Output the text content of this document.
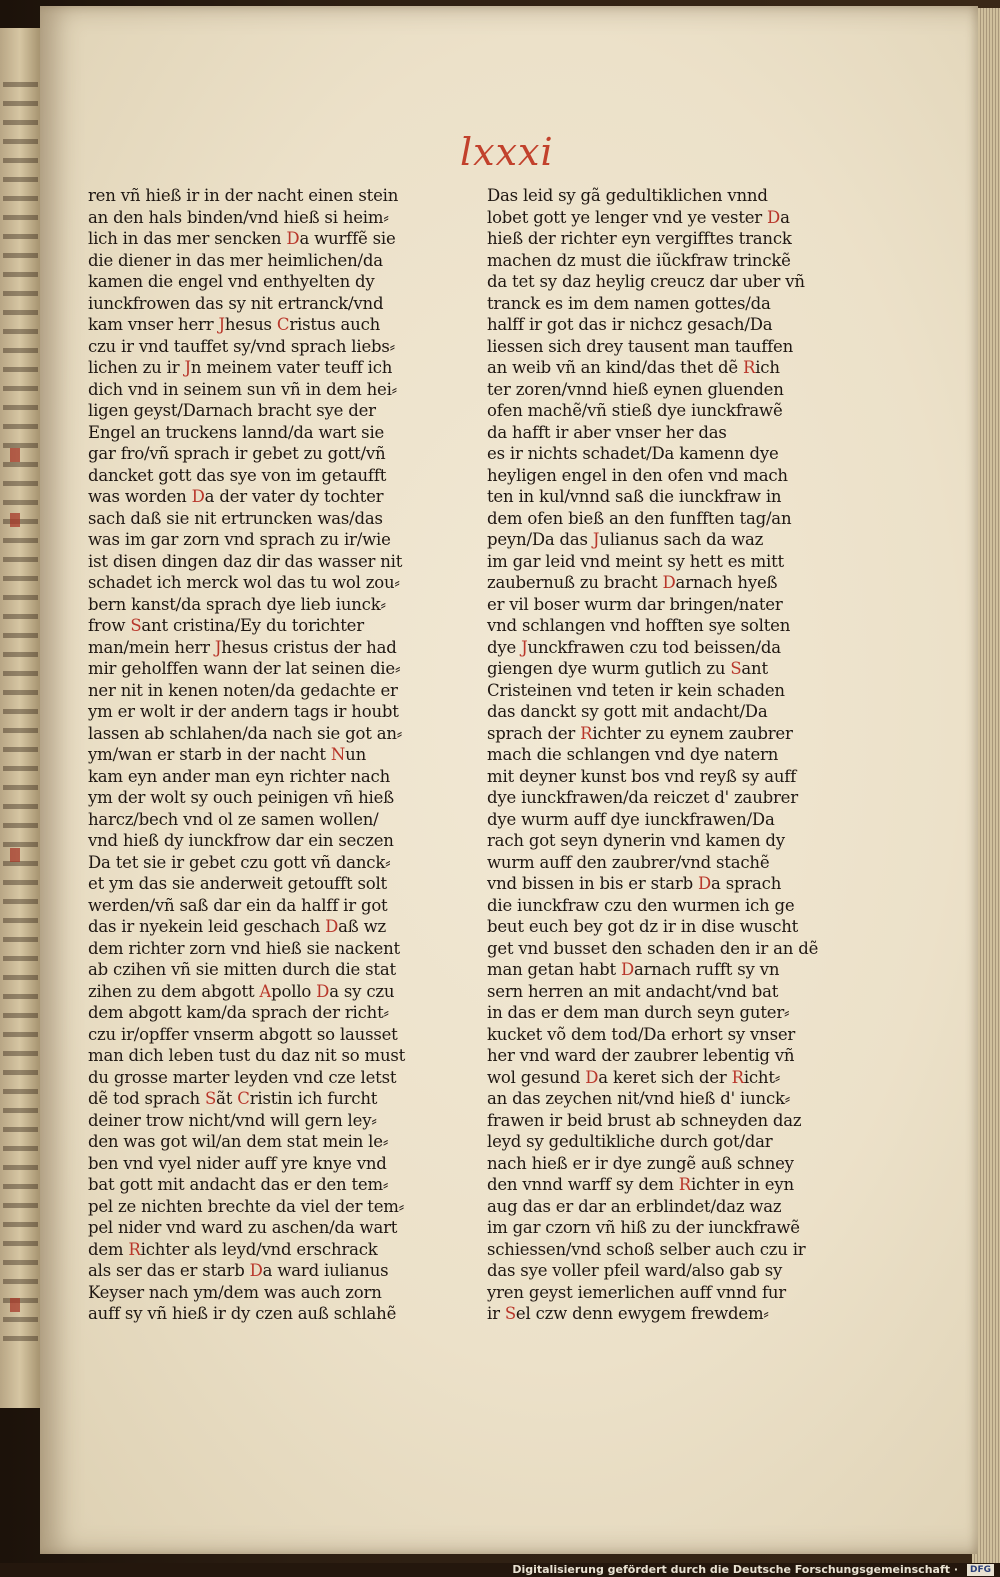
lxxxi
ren vñ hieß ir in der nacht einen stein
an den hals binden/vnd hieß si heim⸗
lich in das mer sencken Da wurffẽ sie
die diener in das mer heimlichen/da
kamen die engel vnd enthyelten dy
iunckfrowen das sy nit ertranck/vnd
kam vnser herr Jhesus Cristus auch
czu ir vnd tauffet sy/vnd sprach liebs⸗
lichen zu ir Jn meinem vater teuff ich
dich vnd in seinem sun vñ in dem hei⸗
ligen geyst/Darnach bracht sye der
Engel an truckens lannd/da wart sie
gar fro/vñ sprach ir gebet zu gott/vñ
dancket gott das sye von im getaufft
was worden Da der vater dy tochter
sach daß sie nit ertruncken was/das
was im gar zorn vnd sprach zu ir/wie
ist disen dingen daz dir das wasser nit
schadet ich merck wol das tu wol zou⸗
bern kanst/da sprach dye lieb iunck⸗
frow Sant cristina/Ey du torichter
man/mein herr Jhesus cristus der had
mir geholffen wann der lat seinen die⸗
ner nit in kenen noten/da gedachte er
ym er wolt ir der andern tags ir houbt
lassen ab schlahen/da nach sie got an⸗
ym/wan er starb in der nacht Nun
kam eyn ander man eyn richter nach
ym der wolt sy ouch peinigen vñ hieß
harcz/bech vnd ol ze samen wollen/
vnd hieß dy iunckfrow dar ein seczen
Da tet sie ir gebet czu gott vñ danck⸗
et ym das sie anderweit getoufft solt
werden/vñ saß dar ein da halff ir got
das ir nyekein leid geschach Daß wz
dem richter zorn vnd hieß sie nackent
ab czihen vñ sie mitten durch die stat
zihen zu dem abgott Apollo Da sy czu
dem abgott kam/da sprach der richt⸗
czu ir/opffer vnserm abgott so lausset
man dich leben tust du daz nit so must
du grosse marter leyden vnd cze letst
dẽ tod sprach Sãt Cristin ich furcht
deiner trow nicht/vnd will gern ley⸗
den was got wil/an dem stat mein le⸗
ben vnd vyel nider auff yre knye vnd
bat gott mit andacht das er den tem⸗
pel ze nichten brechte da viel der tem⸗
pel nider vnd ward zu aschen/da wart
dem Richter als leyd/vnd erschrack
als ser das er starb Da ward iulianus
Keyser nach ym/dem was auch zorn
auff sy vñ hieß ir dy czen auß schlahẽ
Das leid sy gã gedultiklichen vnnd
lobet gott ye lenger vnd ye vester Da
hieß der richter eyn vergifftes tranck
machen dz must die iũckfraw trinckẽ
da tet sy daz heylig creucz dar uber vñ
tranck es im dem namen gottes/da
halff ir got das ir nichcz gesach/Da
liessen sich drey tausent man tauffen
an weib vñ an kind/das thet dẽ Rich
ter zoren/vnnd hieß eynen gluenden
ofen machẽ/vñ stieß dye iunckfrawẽ
da hafft ir aber vnser her das
es ir nichts schadet/Da kamenn dye
heyligen engel in den ofen vnd mach
ten in kul/vnnd saß die iunckfraw in
dem ofen bieß an den funfften tag/an
peyn/Da das Julianus sach da waz
im gar leid vnd meint sy hett es mitt
zaubernuß zu bracht Darnach hyeß
er vil boser wurm dar bringen/nater
vnd schlangen vnd hofften sye solten
dye Junckfrawen czu tod beissen/da
giengen dye wurm gutlich zu Sant
Cristeinen vnd teten ir kein schaden
das danckt sy gott mit andacht/Da
sprach der Richter zu eynem zaubrer
mach die schlangen vnd dye natern
mit deyner kunst bos vnd reyß sy auff
dye iunckfrawen/da reiczet d' zaubrer
dye wurm auff dye iunckfrawen/Da
rach got seyn dynerin vnd kamen dy
wurm auff den zaubrer/vnd stachẽ
vnd bissen in bis er starb Da sprach
die iunckfraw czu den wurmen ich ge
beut euch bey got dz ir in dise wuscht
get vnd busset den schaden den ir an dẽ
man getan habt Darnach rufft sy vn
sern herren an mit andacht/vnd bat
in das er dem man durch seyn guter⸗
kucket võ dem tod/Da erhort sy vnser
her vnd ward der zaubrer lebentig vñ
wol gesund Da keret sich der Richt⸗
an das zeychen nit/vnd hieß d' iunck⸗
frawen ir beid brust ab schneyden daz
leyd sy gedultikliche durch got/dar
nach hieß er ir dye zungẽ auß schney
den vnnd warff sy dem Richter in eyn
aug das er dar an erblindet/daz waz
im gar czorn vñ hiß zu der iunckfrawẽ
schiessen/vnd schoß selber auch czu ir
das sye voller pfeil ward/also gab sy
yren geyst iemerlichen auff vnnd fur
ir Sel czw denn ewygem frewdem⸗
Digitalisierung gefördert durch die Deutsche Forschungsgemeinschaft ·	DFG
